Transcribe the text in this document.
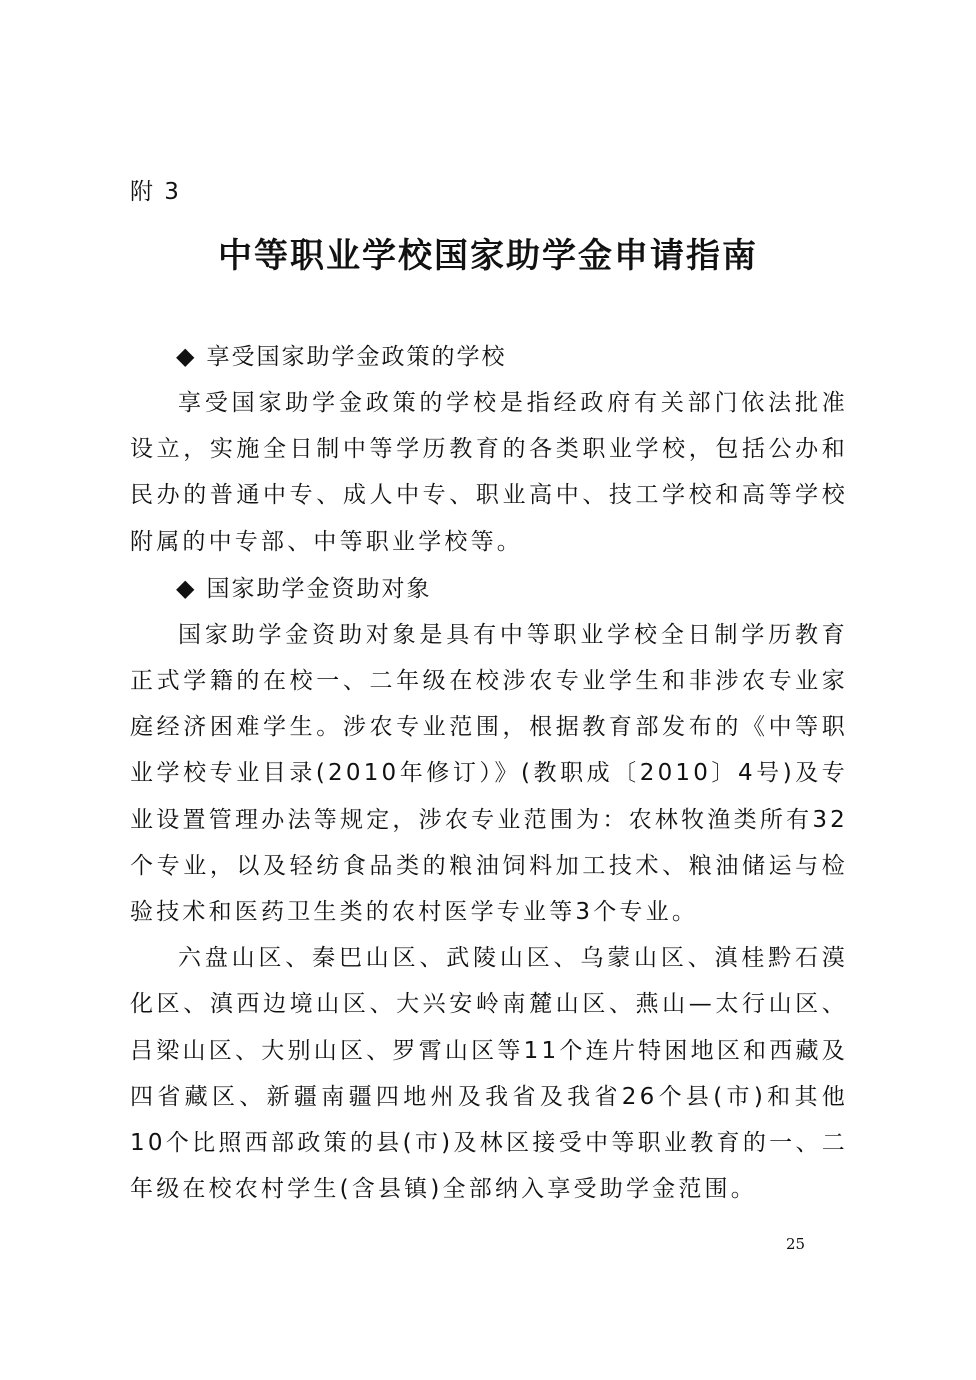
附 3
中等职业学校国家助学金申请指南
◆ 享受国家助学金政策的学校

享受国家助学金政策的学校是指经政府有关部门依法批准设立，实施全日制中等学历教育的各类职业学校，包括公办和民办的普通中专、成人中专、职业高中、技工学校和高等学校附属的中专部、中等职业学校等。

◆ 国家助学金资助对象

国家助学金资助对象是具有中等职业学校全日制学历教育正式学籍的在校一、二年级在校涉农专业学生和非涉农专业家庭经济困难学生。涉农专业范围，根据教育部发布的《中等职业学校专业目录(2010年修订）》(教职成〔2010〕4号)及专业设置管理办法等规定，涉农专业范围为：农林牧渔类所有32个专业，以及轻纺食品类的粮油饲料加工技术、粮油储运与检验技术和医药卫生类的农村医学专业等3个专业。

六盘山区、秦巴山区、武陵山区、乌蒙山区、滇桂黔石漠化区、滇西边境山区、大兴安岭南麓山区、燕山—太行山区、吕梁山区、大别山区、罗霄山区等11个连片特困地区和西藏及四省藏区、新疆南疆四地州及我省及我省26个县(市)和其他10个比照西部政策的县(市)及林区接受中等职业教育的一、二年级在校农村学生(含县镇)全部纳入享受助学金范围。

25
